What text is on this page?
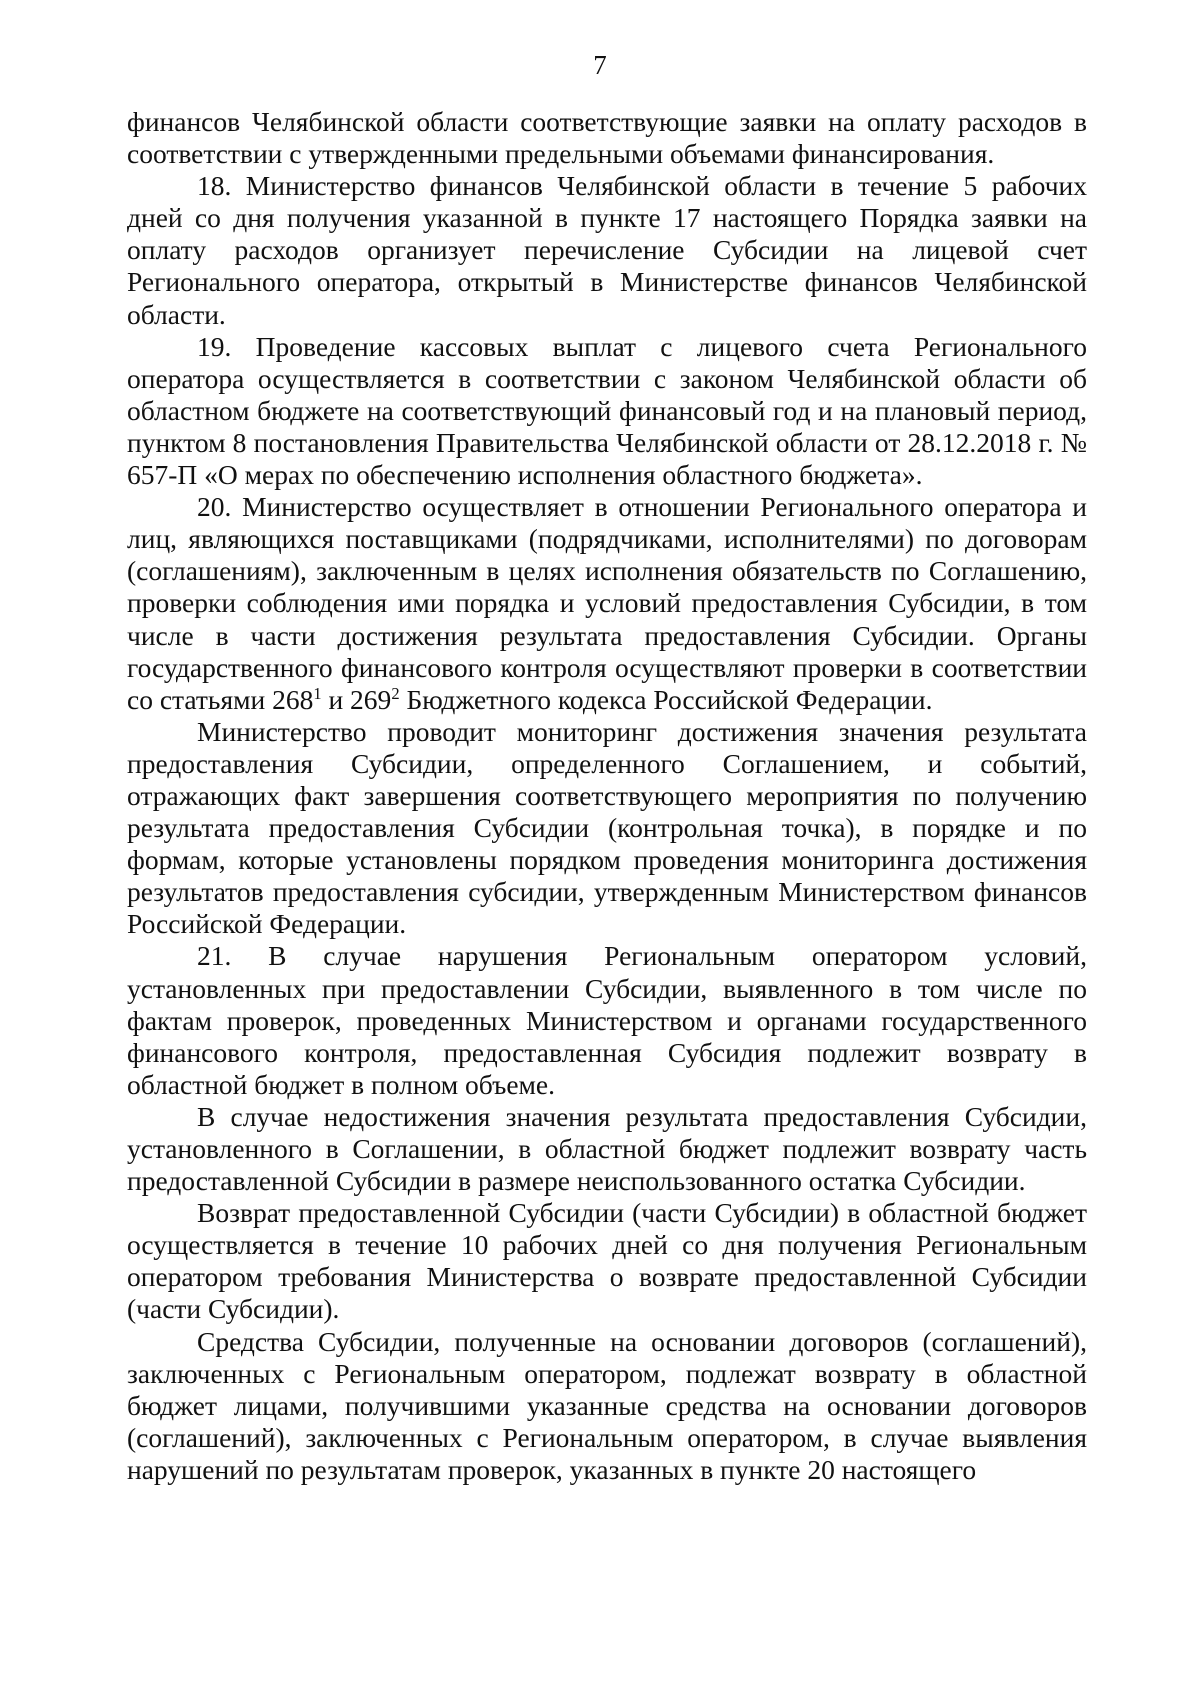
7

финансов Челябинской области соответствующие заявки на оплату расходов в соответствии с утвержденными предельными объемами финансирования.

18. Министерство финансов Челябинской области в течение 5 рабочих дней со дня получения указанной в пункте 17 настоящего Порядка заявки на оплату расходов организует перечисление Субсидии на лицевой счет Регионального оператора, открытый в Министерстве финансов Челябинской области.

19. Проведение кассовых выплат с лицевого счета Регионального оператора осуществляется в соответствии с законом Челябинской области об областном бюджете на соответствующий финансовый год и на плановый период, пунктом 8 постановления Правительства Челябинской области от 28.12.2018 г. № 657-П «О мерах по обеспечению исполнения областного бюджета».

20. Министерство осуществляет в отношении Регионального оператора и лиц, являющихся поставщиками (подрядчиками, исполнителями) по договорам (соглашениям), заключенным в целях исполнения обязательств по Соглашению, проверки соблюдения ими порядка и условий предоставления Субсидии, в том числе в части достижения результата предоставления Субсидии. Органы государственного финансового контроля осуществляют проверки в соответствии со статьями $268^1$ и $269^2$ Бюджетного кодекса Российской Федерации.

Министерство проводит мониторинг достижения значения результата предоставления Субсидии, определенного Соглашением, и событий, отражающих факт завершения соответствующего мероприятия по получению результата предоставления Субсидии (контрольная точка), в порядке и по формам, которые установлены порядком проведения мониторинга достижения результатов предоставления субсидии, утвержденным Министерством финансов Российской Федерации.

21. В случае нарушения Региональным оператором условий, установленных при предоставлении Субсидии, выявленного в том числе по фактам проверок, проведенных Министерством и органами государственного финансового контроля, предоставленная Субсидия подлежит возврату в областной бюджет в полном объеме.

В случае недостижения значения результата предоставления Субсидии, установленного в Соглашении, в областной бюджет подлежит возврату часть предоставленной Субсидии в размере неиспользованного остатка Субсидии.

Возврат предоставленной Субсидии (части Субсидии) в областной бюджет осуществляется в течение 10 рабочих дней со дня получения Региональным оператором требования Министерства о возврате предоставленной Субсидии (части Субсидии).

Средства Субсидии, полученные на основании договоров (соглашений), заключенных с Региональным оператором, подлежат возврату в областной бюджет лицами, получившими указанные средства на основании договоров (соглашений), заключенных с Региональным оператором, в случае выявления нарушений по результатам проверок, указанных в пункте 20 настоящего
